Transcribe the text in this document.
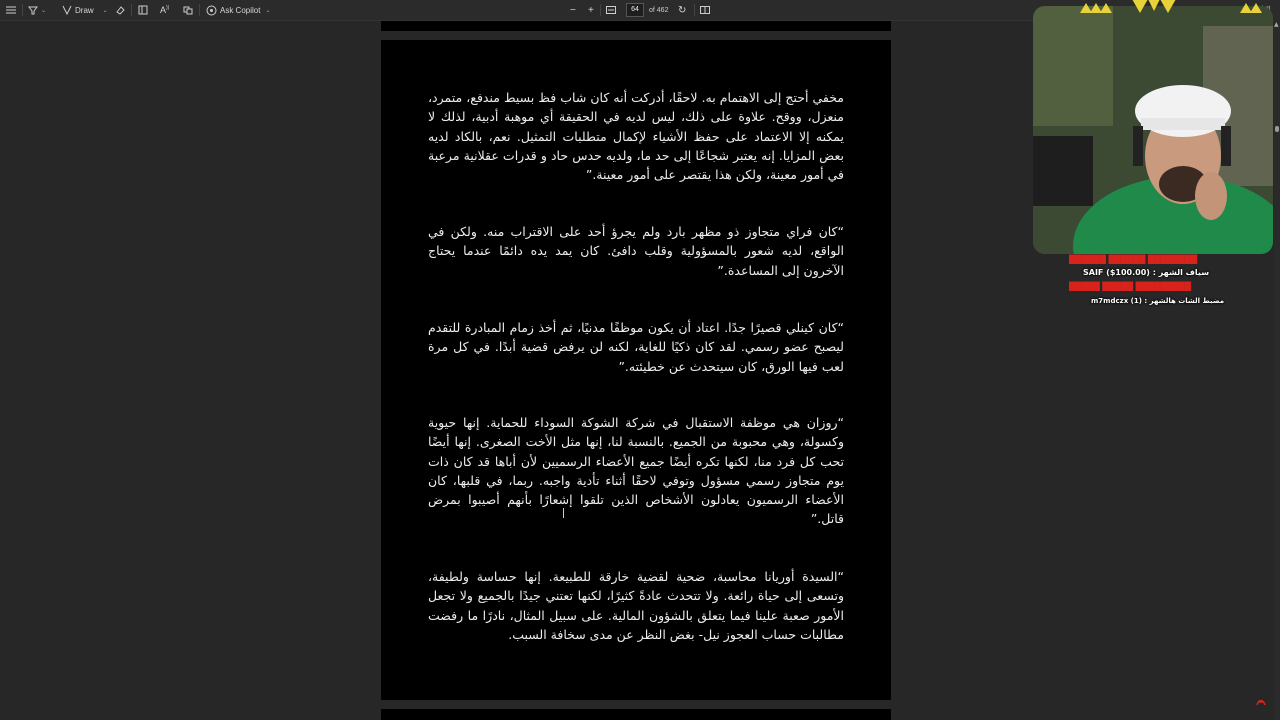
⌄	Draw ⌄	A))	Ask Copilot ⌄	− +	64	of 462 ↻
مخفي أحتج إلى الاهتمام به. لاحقًا، أدركت أنه كان شاب فظ بسيط مندفع، متمرد، منعزل، ووقح. علاوة على ذلك، ليس لديه في الحقيقة أي موهبة أدبية، لذلك لا يمكنه إلا الاعتماد على حفظ الأشياء لإكمال متطلبات التمثيل. نعم، بالكاد لديه بعض المزايا. إنه يعتبر شجاعًا إلى حد ما، ولديه حدس حاد و قدرات عقلانية مرعبة في أمور معينة، ولكن هذا يقتصر على أمور معينة.”
“كان فراي متجاوز ذو مظهر بارد ولم يجرؤ أحد على الاقتراب منه. ولكن في الواقع، لديه شعور بالمسؤولية وقلب دافئ. كان يمد يده دائمًا عندما يحتاج الآخرون إلى المساعدة.”
“كان كينلي قصيرًا جدًا. اعتاد أن يكون موظفًا مدنيًا، ثم أخذ زمام المبادرة للتقدم ليصبح عضو رسمي. لقد كان ذكيًا للغاية، لكنه لن يرفض قضية أبدًا. في كل مرة لعب فيها الورق، كان سيتحدث عن خطيئته.”
“روزان هي موظفة الاستقبال في شركة الشوكة السوداء للحماية. إنها حيوية وكسولة، وهي محبوبة من الجميع. بالنسبة لنا، إنها مثل الأخت الصغرى. إنها أيضًا تحب كل فرد منا، لكنها تكره أيضًا جميع الأعضاء الرسميين لأن أباها قد كان ذات يوم متجاوز رسمي مسؤول وتوفي لاحقًا أثناء تأدية واجبه. ربما، في قلبها، كان الأعضاء الرسميون يعادلون الأشخاص الذين تلقوا إشعارًا بأنهم أصيبوا بمرض قاتل.”
“السيدة أوريانا محاسبة، ضحية لقضية خارقة للطبيعة. إنها حساسة ولطيفة، وتسعى إلى حياة رائعة. ولا تتحدث عادةً كثيرًا، لكنها تعتني جيدًا بالجميع ولا تجعل الأمور صعبة علينا فيما يتعلق بالشؤون المالية. على سبيل المثال، نادرًا ما رفضت مطالبات حساب العجوز نيل- بغض النظر عن مدى سخافة السبب.
▲
██████ ██████ ████████
SAIF ($100.00) : سياف الشهر
█████ █████ █████████
m7mdczx (1) : مضبط الشات هالشهر
